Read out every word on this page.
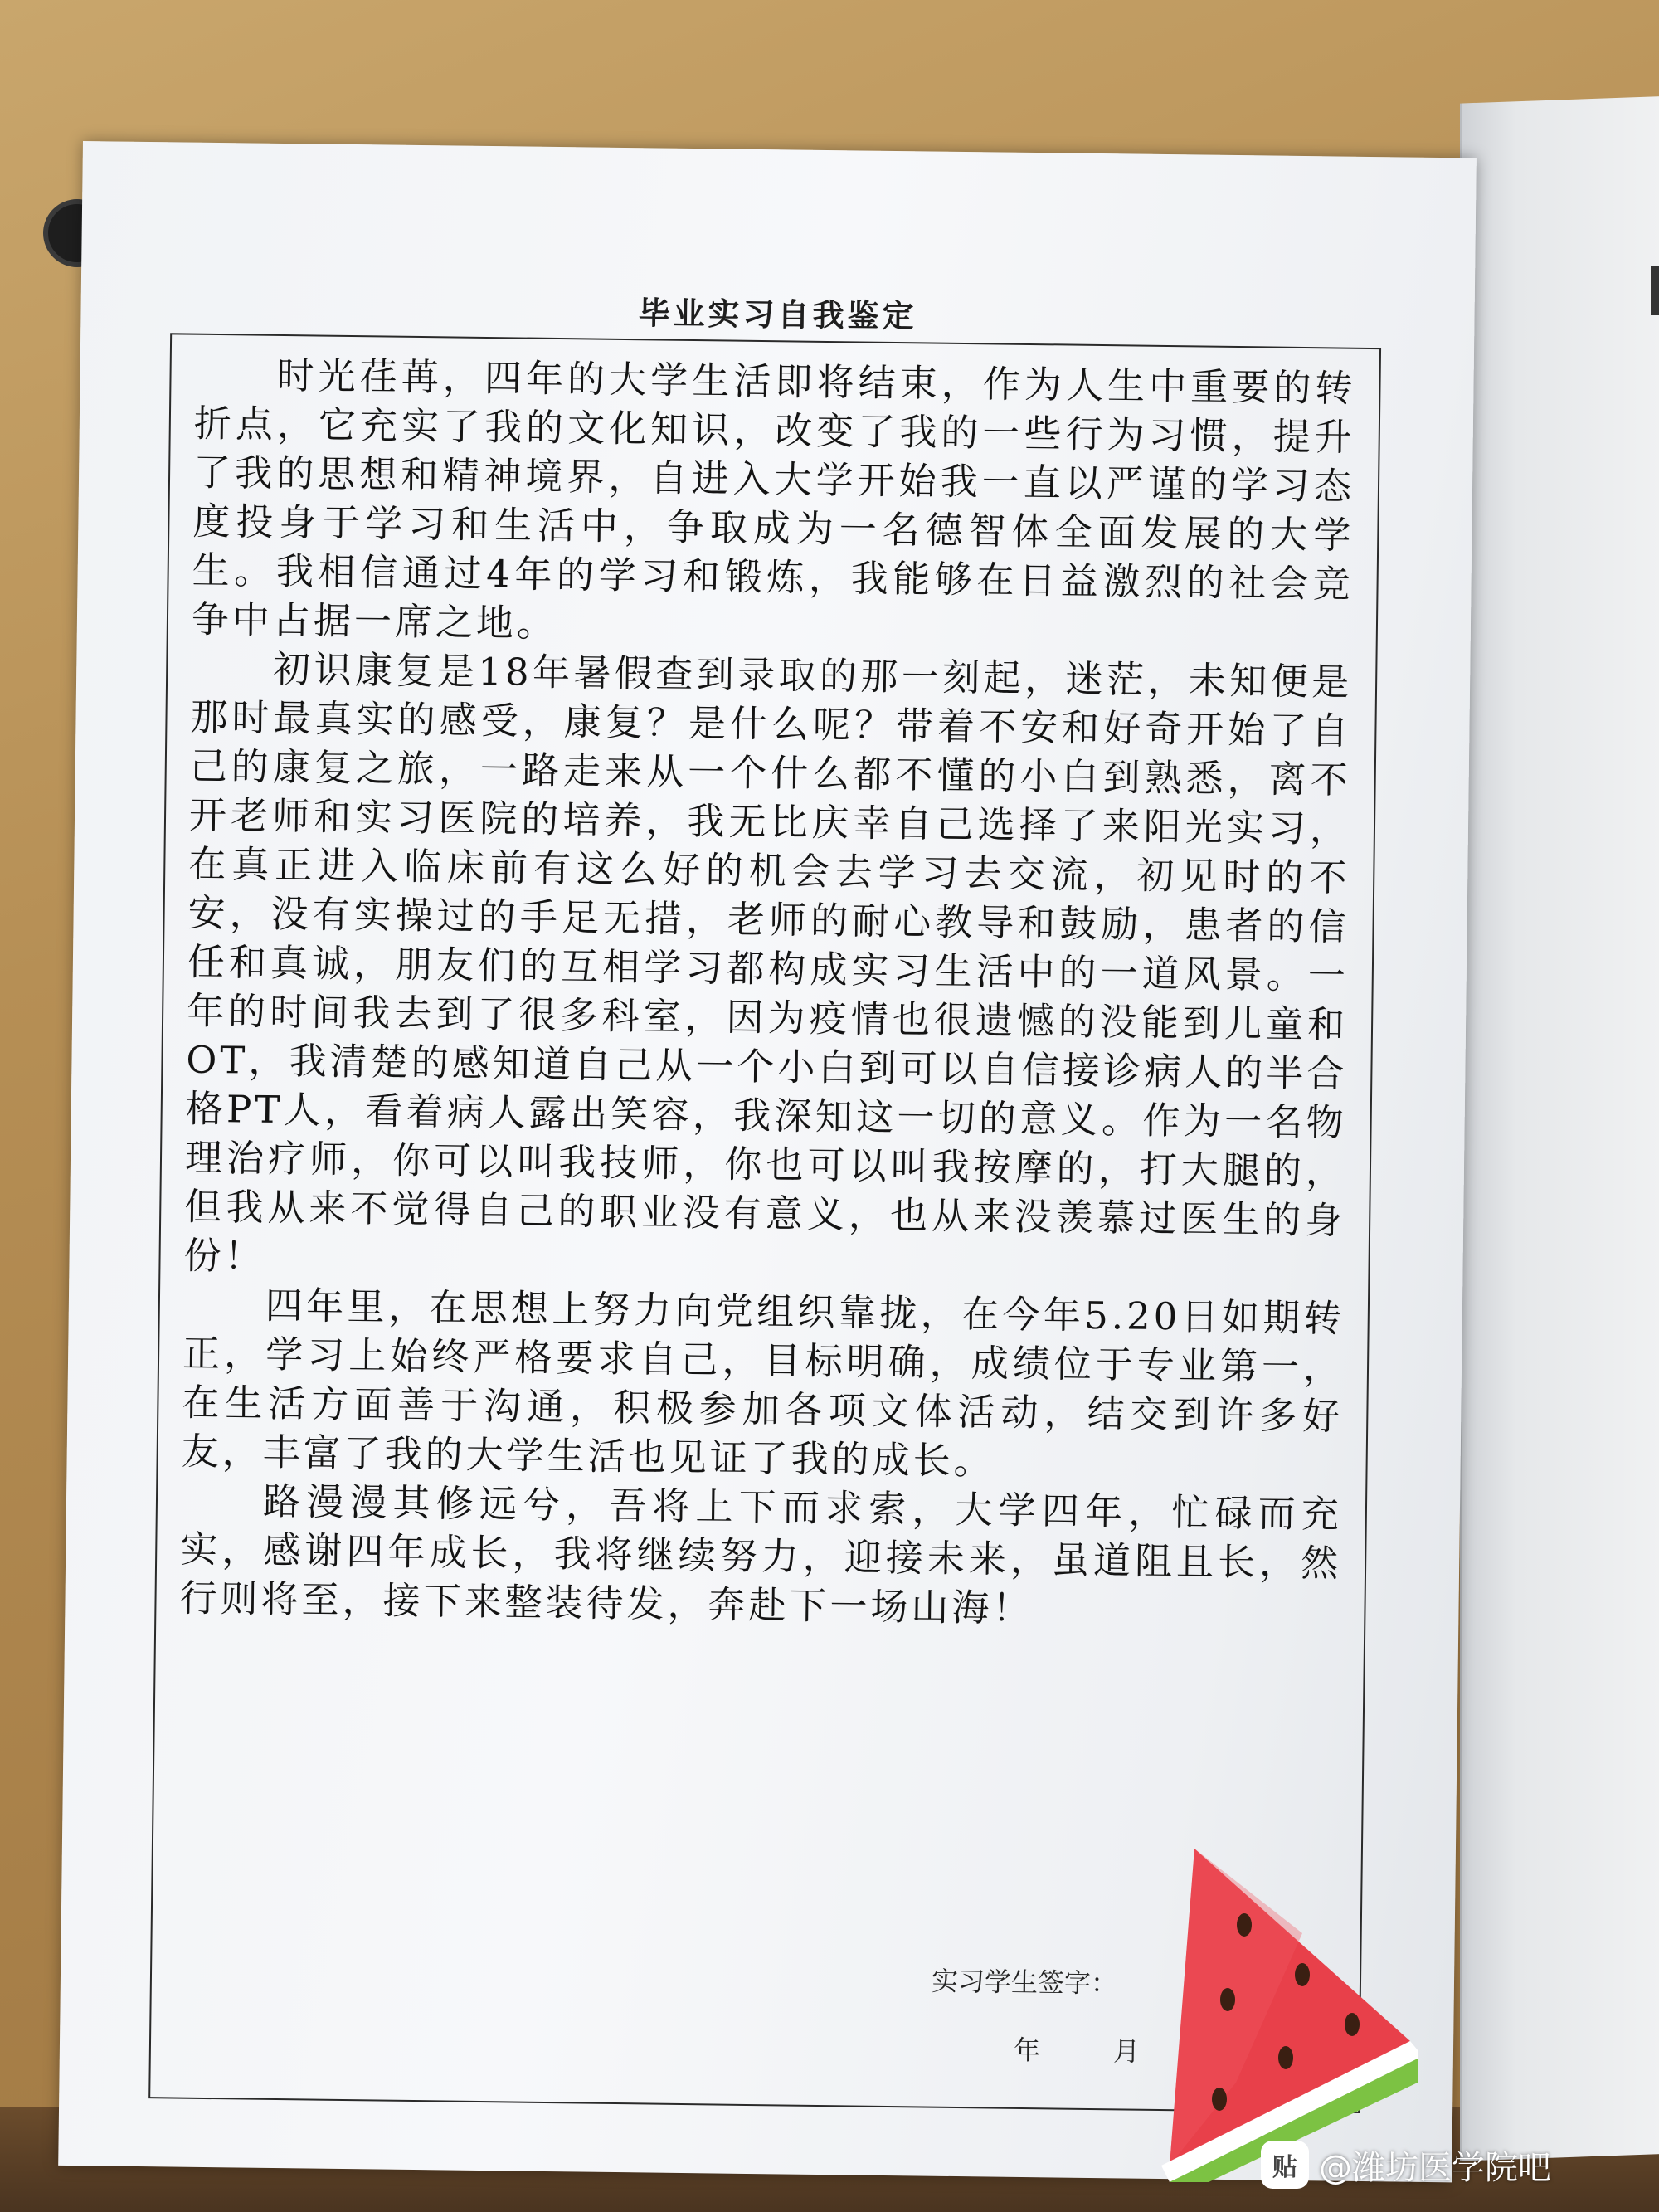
毕业实习自我鉴定

时光荏苒，四年的大学生活即将结束，作为人生中重要的转折点，它充实了我的文化知识，改变了我的一些行为习惯，提升了我的思想和精神境界，自进入大学开始我一直以严谨的学习态度投身于学习和生活中，争取成为一名德智体全面发展的大学生。我相信通过4年的学习和锻炼，我能够在日益激烈的社会竞争中占据一席之地。

初识康复是18年暑假查到录取的那一刻起，迷茫，未知便是那时最真实的感受，康复？是什么呢？带着不安和好奇开始了自己的康复之旅，一路走来从一个什么都不懂的小白到熟悉，离不开老师和实习医院的培养，我无比庆幸自己选择了来阳光实习，在真正进入临床前有这么好的机会去学习去交流，初见时的不安，没有实操过的手足无措，老师的耐心教导和鼓励，患者的信任和真诚，朋友们的互相学习都构成实习生活中的一道风景。一年的时间我去到了很多科室，因为疫情也很遗憾的没能到儿童和OT，我清楚的感知道自己从一个小白到可以自信接诊病人的半合格PT人，看着病人露出笑容，我深知这一切的意义。作为一名物理治疗师，你可以叫我技师，你也可以叫我按摩的，打大腿的，但我从来不觉得自己的职业没有意义，也从来没羡慕过医生的身份！

四年里，在思想上努力向党组织靠拢，在今年5.20日如期转正，学习上始终严格要求自己，目标明确，成绩位于专业第一，在生活方面善于沟通，积极参加各项文体活动，结交到许多好友，丰富了我的大学生活也见证了我的成长。

路漫漫其修远兮，吾将上下而求索，大学四年，忙碌而充实，感谢四年成长，我将继续努力，迎接未来，虽道阻且长，然行则将至，接下来整装待发，奔赴下一场山海！

实习学生签字：
年	月
贴 @潍坊医学院吧
